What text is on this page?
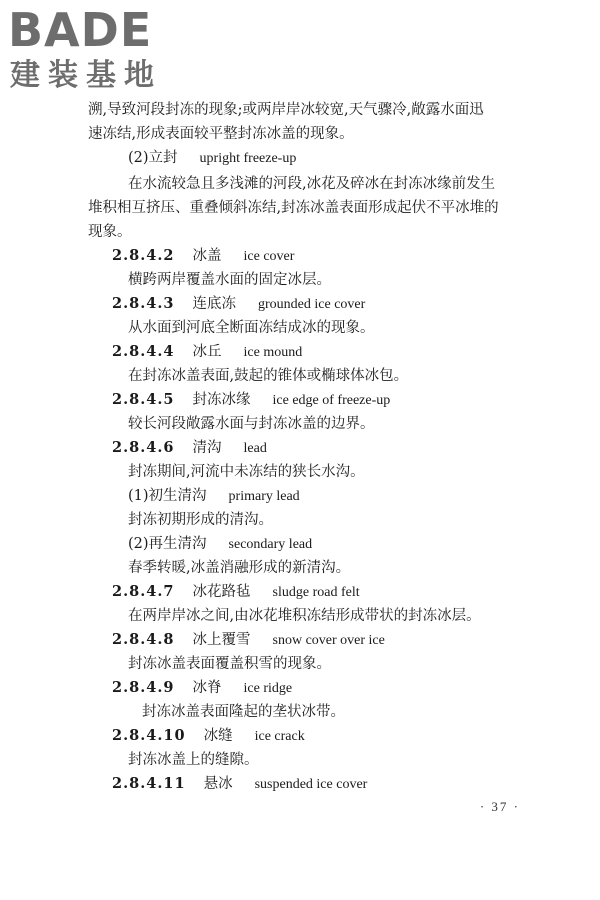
BADE
建装基地
溯,导致河段封冻的现象;或两岸岸冰较宽,天气骤冷,敞露水面迅
速冻结,形成表面较平整封冻冰盖的现象。
(2)立封 upright freeze-up
在水流较急且多浅滩的河段,冰花及碎冰在封冻冰缘前发生
堆积相互挤压、重叠倾斜冻结,封冻冰盖表面形成起伏不平冰堆的
现象。
2.8.4.2 冰盖 ice cover
横跨两岸覆盖水面的固定冰层。
2.8.4.3 连底冻 grounded ice cover
从水面到河底全断面冻结成冰的现象。
2.8.4.4 冰丘 ice mound
在封冻冰盖表面,鼓起的锥体或椭球体冰包。
2.8.4.5 封冻冰缘 ice edge of freeze-up
较长河段敞露水面与封冻冰盖的边界。
2.8.4.6 清沟 lead
封冻期间,河流中未冻结的狭长水沟。
(1)初生清沟 primary lead
封冻初期形成的清沟。
(2)再生清沟 secondary lead
春季转暖,冰盖消融形成的新清沟。
2.8.4.7 冰花路毡 sludge road felt
在两岸岸冰之间,由冰花堆积冻结形成带状的封冻冰层。
2.8.4.8 冰上覆雪 snow cover over ice
封冻冰盖表面覆盖积雪的现象。
2.8.4.9 冰脊 ice ridge
封冻冰盖表面隆起的垄状冰带。
2.8.4.10 冰缝 ice crack
封冻冰盖上的缝隙。
2.8.4.11 悬冰 suspended ice cover
· 37 ·
